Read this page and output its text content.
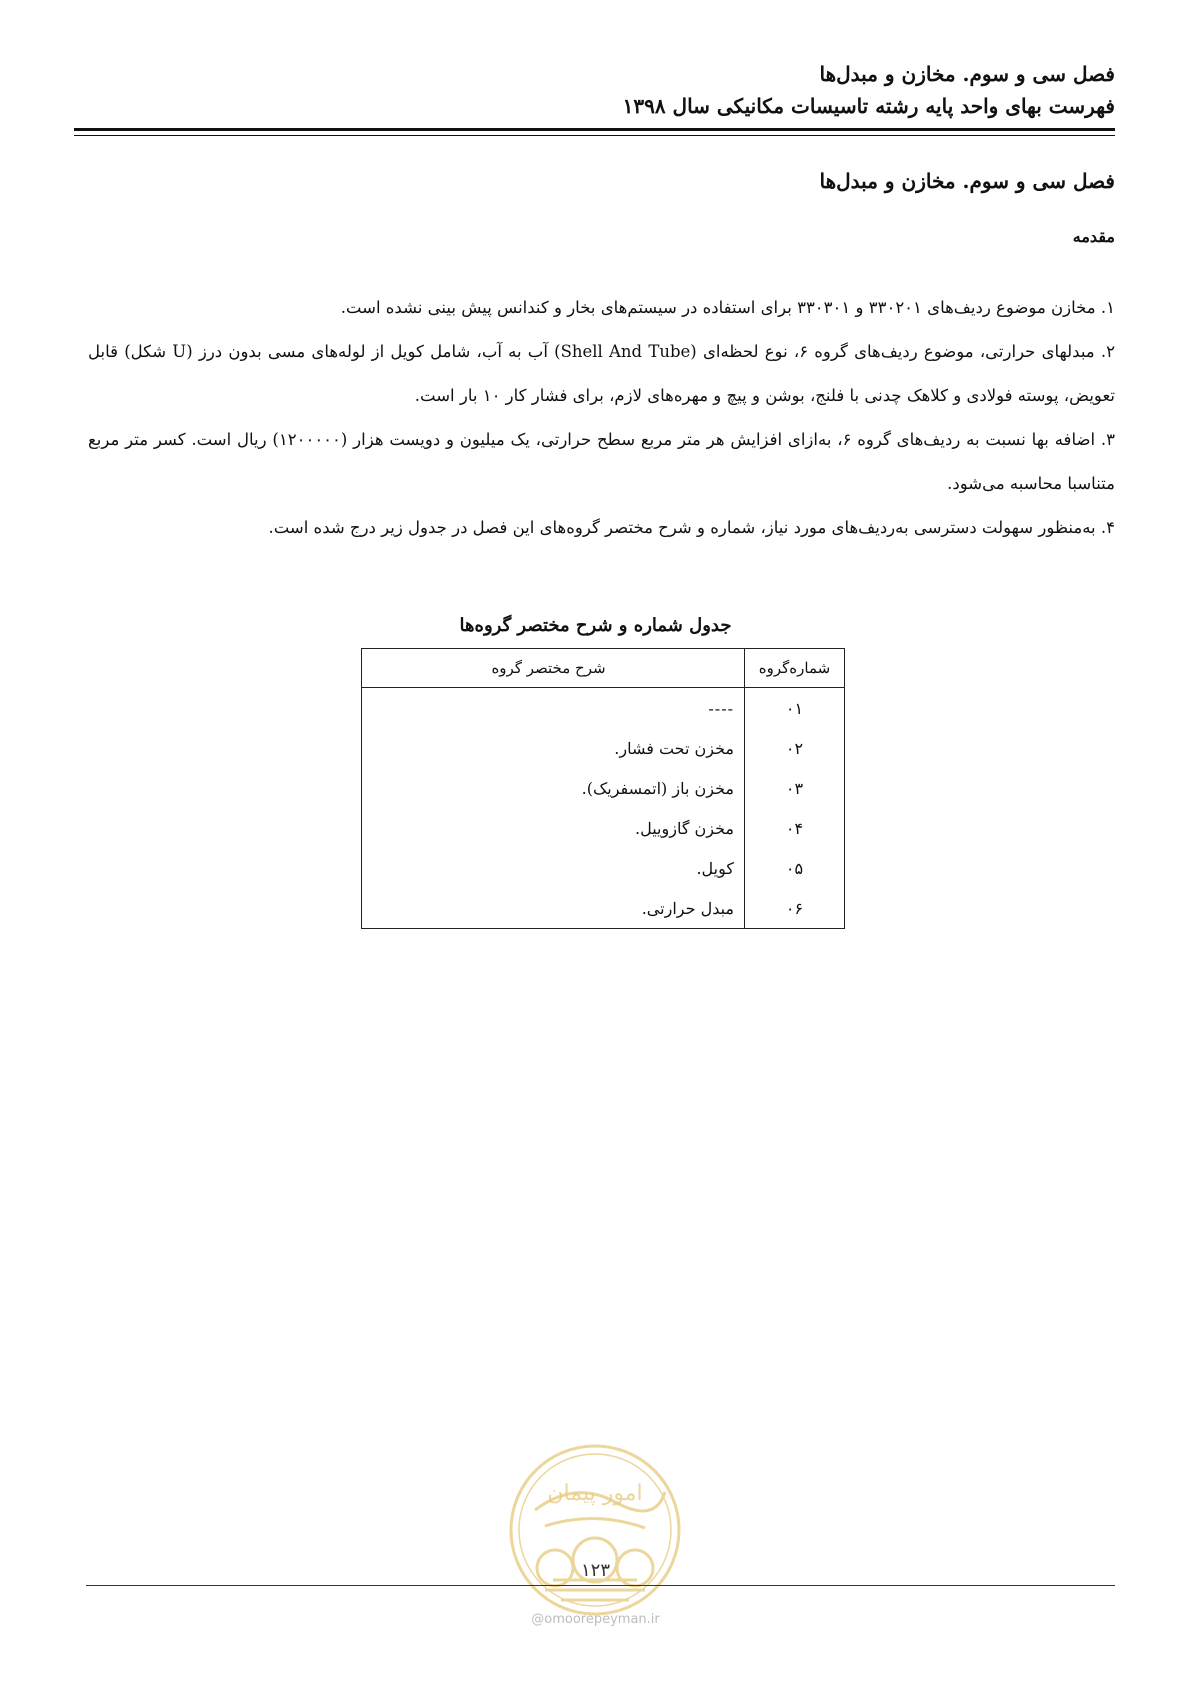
فصل سی و سوم. مخازن و مبدل‌ها
فهرست بهای واحد پایه رشته تاسیسات مکانیکی سال ۱۳۹۸
فصل سی و سوم. مخازن و مبدل‌ها
مقدمه

۱. مخازن موضوع ردیف‌های ۳۳۰۲۰۱ و ۳۳۰۳۰۱ برای استفاده در سیستم‌های بخار و کندانس پیش بینی نشده است.

۲. مبدلهای حرارتی، موضوع ردیف‌های گروه ۶، نوع لحظه‌ای (Shell And Tube) آب به آب، شامل کویل از لوله‌های مسی بدون درز (U شکل) قابل تعویض، پوسته فولادی و کلاهک چدنی با فلنج، بوشن و پیچ و مهره‌های لازم، برای فشار کار ۱۰ بار است.

۳. اضافه بها نسبت به ردیف‌های گروه ۶، به‌ازای افزایش هر متر مربع سطح حرارتی، یک میلیون و دویست هزار (۱۲۰۰۰۰۰) ریال است. کسر متر مربع متناسبا محاسبه می‌شود.

۴. به‌منظور سهولت دسترسی به‌ردیف‌های مورد نیاز، شماره و شرح مختصر گروه‌های این فصل در جدول زیر درج شده است.

جدول شماره و شرح مختصر گروه‌ها
شماره‌گروه	شرح مختصر گروه
۰۱	----
۰۲	مخزن تحت فشار.
۰۳	مخزن باز (اتمسفریک).
۰۴	مخزن گازوییل.
۰۵	کویل.
۰۶	مبدل حرارتی.
امور پیمان
۱۲۳
@omoorepeyman.ir
